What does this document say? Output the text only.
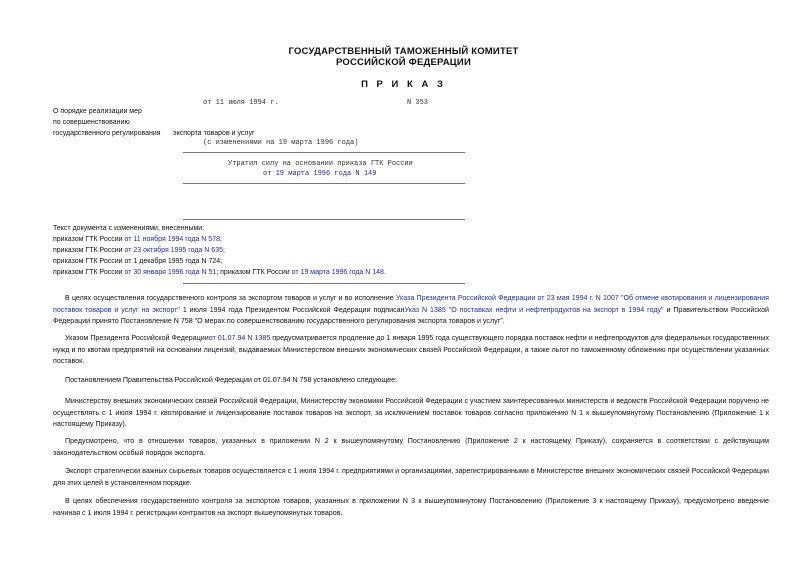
ГОСУДАРСТВЕННЫЙ ТАМОЖЕННЫЙ КОМИТЕТ
РОССИЙСКОЙ ФЕДЕРАЦИИ
П Р И К А З
от 11 июля 1994 г.	N 353
О порядке реализации мер
по совершенствованию
государственного регулирования экспорта товаров и услуг
(с изменениями на 19 марта 1996 года)
Утратил силу на основании приказа ГТК России
от 19 марта 1996 года N 149
Текст документа с изменениями, внесенными:
приказом ГТК России от 11 ноября 1994 года N 578;
приказом ГТК России от 23 октября 1995 года N 635;
приказом ГТК России от 1 декабря 1995 года N 724;
приказом ГТК России от 30 января 1996 года N 51; приказом ГТК России от 19 марта 1996 года N 148.
В целях осуществления государственного контроля за экспортом товаров и услуг и во исполнение Указа Президента Российской Федерации от 23 мая 1994 г. N 1007 "Об отмене квотирования и лицензирования поставок товаров и услуг на экспорт" 1 июля 1994 года Президентом Российской Федерации подписанУказ N 1385 "О поставках нефти и нефтепродуктов на экспорт в 1994 году" и Правительством Российской Федерации принято Постановление N 758 "О мерах по совершенствованию государственного регулирования экспорта товаров и услуг".
Указом Президента Российской Федерацииот 01.07.94 N 1385 предусматривается продление до 1 января 1995 года существующего порядка поставок нефти и нефтепродуктов для федеральных государственных нужд и по квотам предприятий на основании лицензий, выдаваемых Министерством внешних экономических связей Российской Федерации, а также льгот по таможенному обложению при осуществлении указанных поставок.
Постановлением Правительства Российской Федерации от 01.07.94 N 758 установлено следующее:
Министерству внешних экономических связей Российской Федерации, Министерству экономики Российской Федерации с участием заинтересованных министерств и ведомств Российской Федерации поручено не осуществлять с 1 июля 1994 г. квотирование и лицензирование поставок товаров на экспорт, за исключением поставок товаров согласно приложению N 1 к вышеупомянутому Постановлению (Приложение 1 к настоящему Приказу).
Предусмотрено, что в отношении товаров, указанных в приложении N 2 к вышеупомянутому Постановлению (Приложение 2 к настоящему Приказу), сохраняется в соответствии с действующим законодательством особый порядок экспорта.
Экспорт стратегически важных сырьевых товаров осуществляется с 1 июля 1994 г. предприятиями и организациями, зарегистрированными в Министерстве внешних экономических связей Российской Федерации для этих целей в установленном порядке.
В целях обеспечения государственного контроля за экспортом товаров, указанных в приложении N 3 к вышеупомянутому Постановлению (Приложение 3 к настоящему Приказу), предусмотрено введение начиная с 1 июля 1994 г. регистрации контрактов на экспорт вышеупомянутых товаров.
